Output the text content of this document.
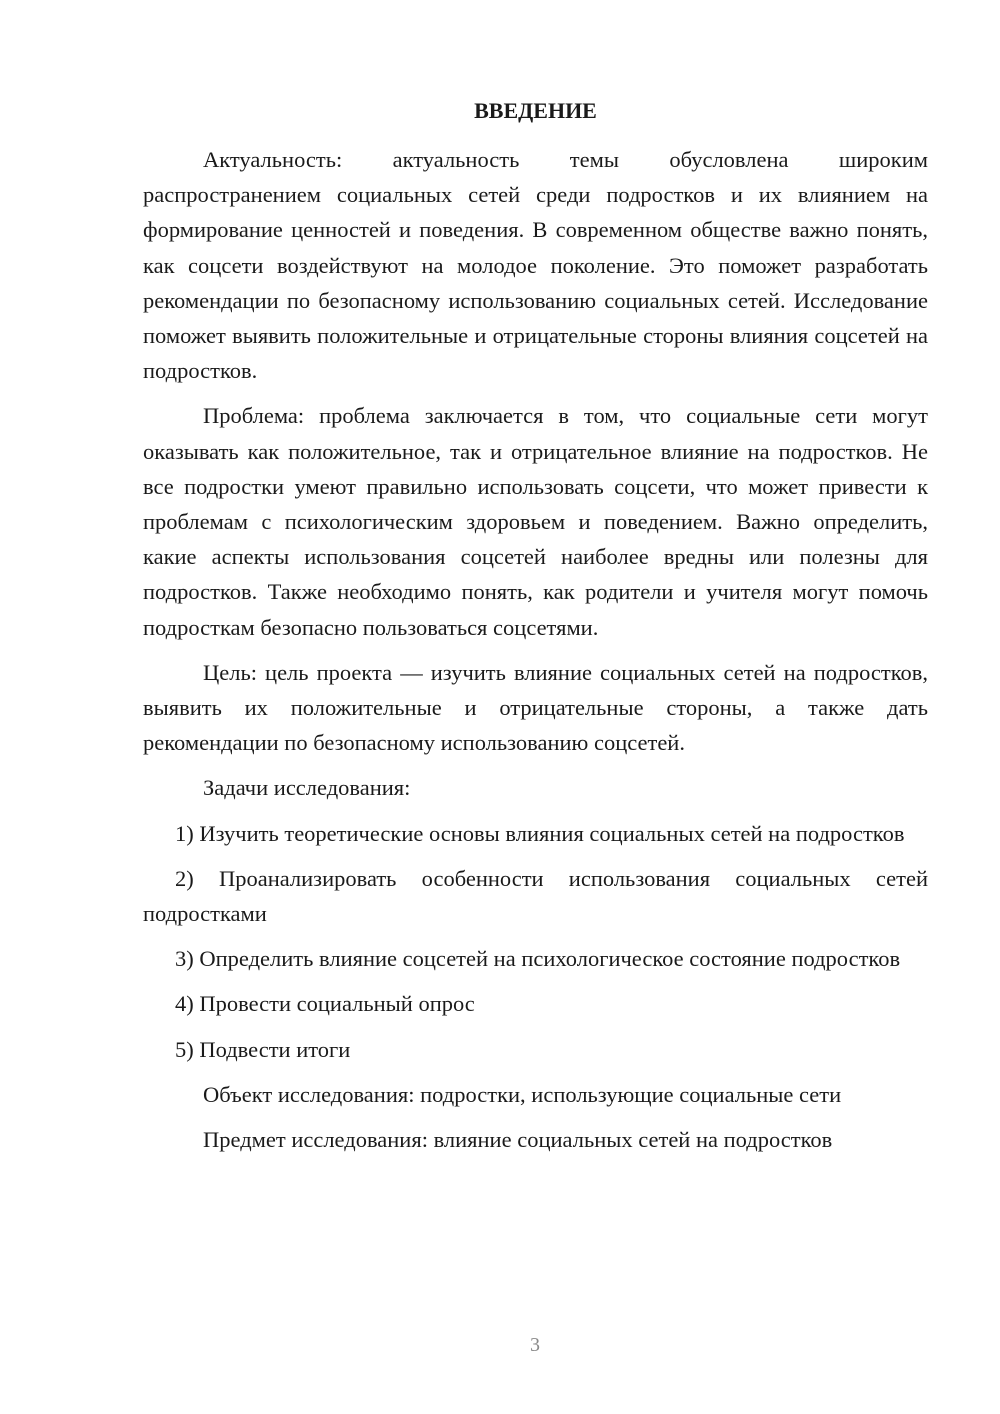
ВВЕДЕНИЕ

Актуальность: актуальность темы обусловлена широким распространением социальных сетей среди подростков и их влиянием на формирование ценностей и поведения. В современном обществе важно понять, как соцсети воздействуют на молодое поколение. Это поможет разработать рекомендации по безопасному использованию социальных сетей. Исследование поможет выявить положительные и отрицательные стороны влияния соцсетей на подростков.

Проблема: проблема заключается в том, что социальные сети могут оказывать как положительное, так и отрицательное влияние на подростков. Не все подростки умеют правильно использовать соцсети, что может привести к проблемам с психологическим здоровьем и поведением. Важно определить, какие аспекты использования соцсетей наиболее вредны или полезны для подростков. Также необходимо понять, как родители и учителя могут помочь подросткам безопасно пользоваться соцсетями.

Цель: цель проекта — изучить влияние социальных сетей на подростков, выявить их положительные и отрицательные стороны, а также дать рекомендации по безопасному использованию соцсетей.

Задачи исследования:

1) Изучить теоретические основы влияния социальных сетей на подростков

2) Проанализировать особенности использования социальных сетей подростками

3) Определить влияние соцсетей на психологическое состояние подростков

4) Провести социальный опрос

5) Подвести итоги

Объект исследования: подростки, использующие социальные сети

Предмет исследования: влияние социальных сетей на подростков

3
